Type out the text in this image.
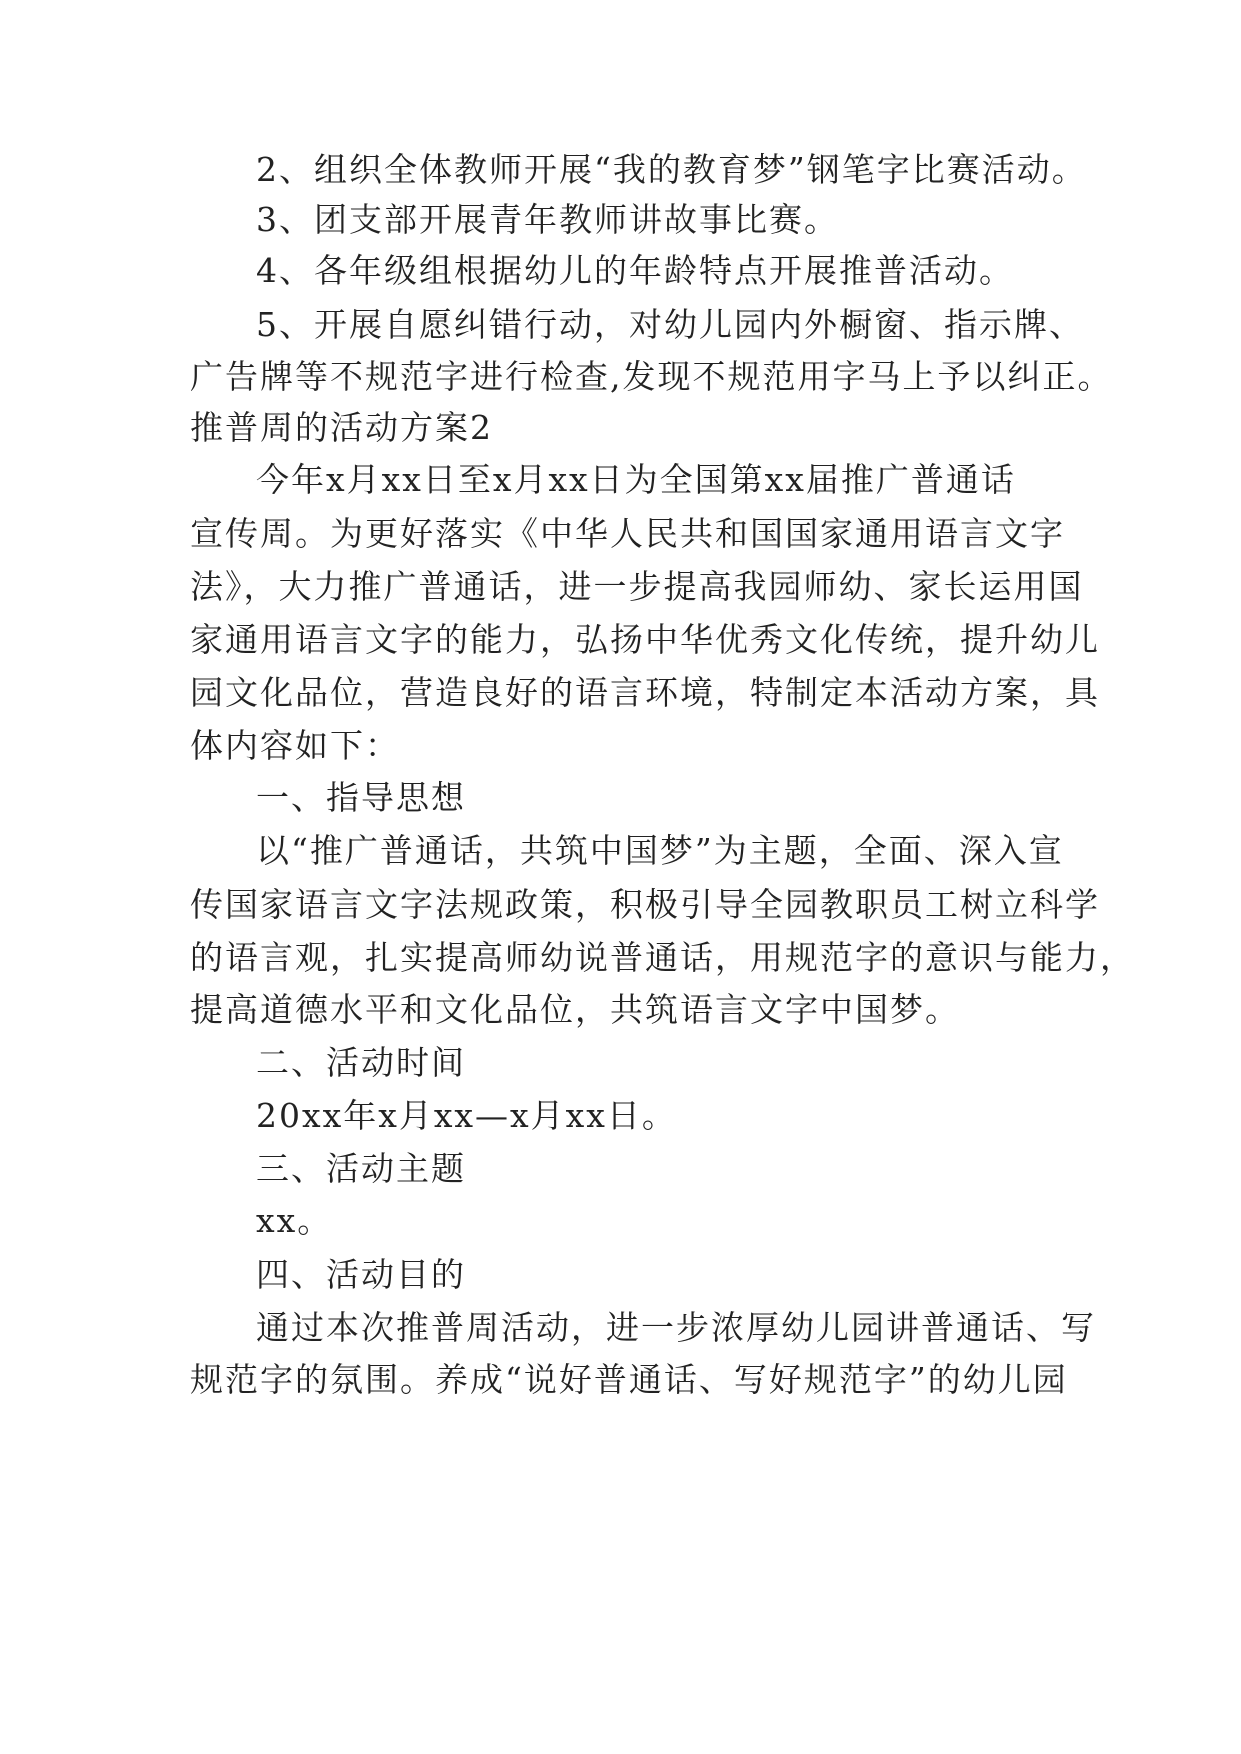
2、组织全体教师开展“我的教育梦”钢笔字比赛活动。
3、团支部开展青年教师讲故事比赛。
4、各年级组根据幼儿的年龄特点开展推普活动。
5、开展自愿纠错行动，对幼儿园内外橱窗、指示牌、
广告牌等不规范字进行检查,发现不规范用字马上予以纠正。
推普周的活动方案2
今年x月xx日至x月xx日为全国第xx届推广普通话
宣传周。为更好落实《中华人民共和国国家通用语言文字
法》，大力推广普通话，进一步提高我园师幼、家长运用国
家通用语言文字的能力，弘扬中华优秀文化传统，提升幼儿
园文化品位，营造良好的语言环境，特制定本活动方案，具
体内容如下：
一、指导思想
以“推广普通话，共筑中国梦”为主题，全面、深入宣
传国家语言文字法规政策，积极引导全园教职员工树立科学
的语言观，扎实提高师幼说普通话，用规范字的意识与能力，
提高道德水平和文化品位，共筑语言文字中国梦。
二、活动时间
20xx年x月xx—x月xx日。
三、活动主题
xx。
四、活动目的
通过本次推普周活动，进一步浓厚幼儿园讲普通话、写
规范字的氛围。养成“说好普通话、写好规范字”的幼儿园
